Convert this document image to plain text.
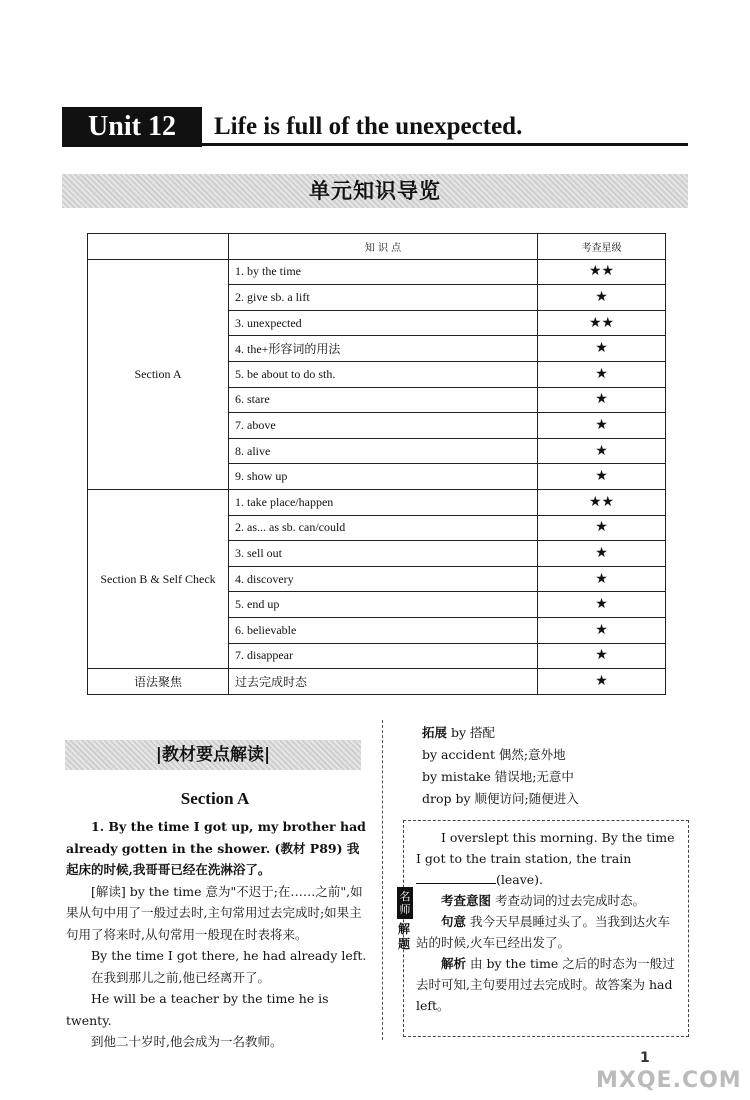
Unit 12	Life is full of the unexpected.
单元知识导览
	知 识 点	考查星级
Section A	1. by the time	★★
	2. give sb. a lift	★
	3. unexpected	★★
	4. the+形容词的用法	★
	5. be about to do sth.	★
	6. stare	★
	7. above	★
	8. alive	★
	9. show up	★
Section B & Self Check	1. take place/happen	★★
	2. as... as sb. can/could	★
	3. sell out	★
	4. discovery	★
	5. end up	★
	6. believable	★
	7. disappear	★
语法聚焦	过去完成时态	★
|教材要点解读|
Section A

1. By the time I got up, my brother had already gotten in the shower. (教材 P89) 我起床的时候,我哥哥已经在洗淋浴了。

[解读] by the time 意为"不迟于;在……之前",如果从句中用了一般过去时,主句常用过去完成时;如果主句用了将来时,从句常用一般现在时表将来。

By the time I got there, he had already left.

在我到那儿之前,他已经离开了。

He will be a teacher by the time he is twenty.

到他二十岁时,他会成为一名教师。

拓展 by 搭配

by accident 偶然;意外地

by mistake 错误地;无意中

drop by 顺便访问;随便进入

I overslept this morning. By the time I got to the train station, the train (leave).

考查意图 考查动词的过去完成时态。

句意 我今天早晨睡过头了。当我到达火车站的时候,火车已经出发了。

解析 由 by the time 之后的时态为一般过去时可知,主句要用过去完成时。故答案为 had left。

名师
解题
1
MXQE.COM
